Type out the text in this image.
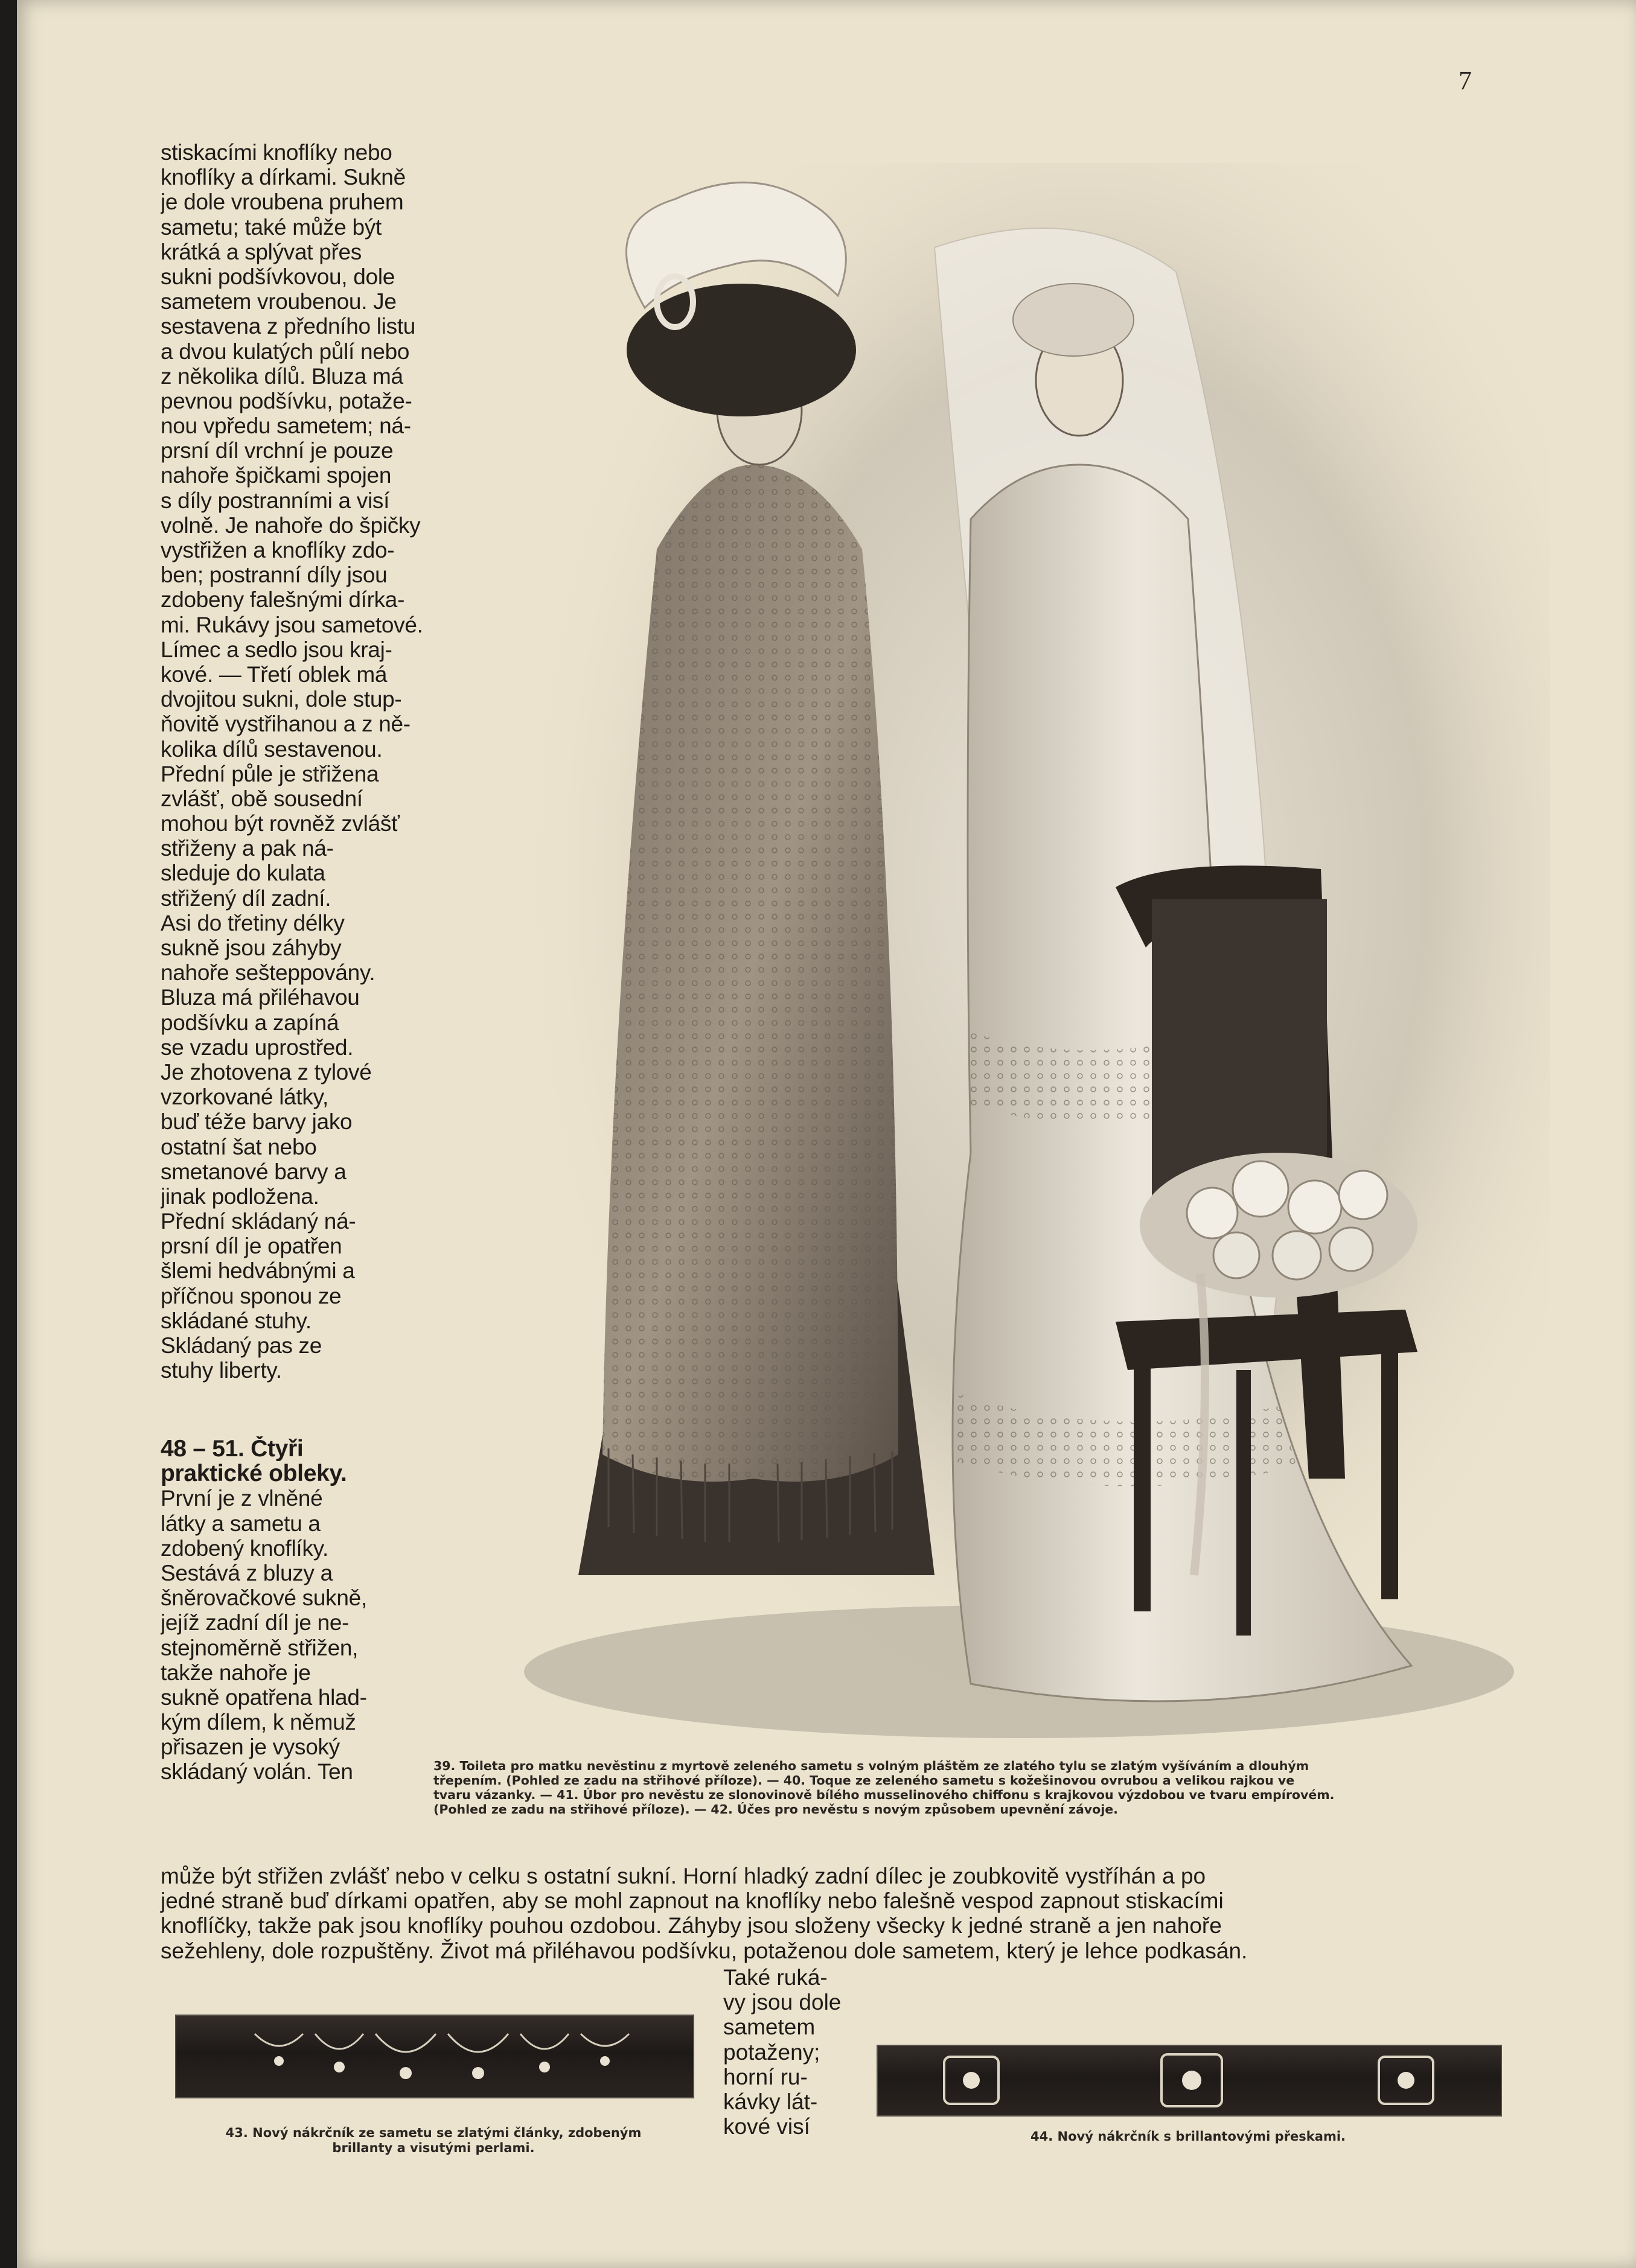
7
stiskacími knoflíky nebo
knoflíky a dírkami. Sukně
je dole vroubena pruhem
sametu; také může být
krátká a splývat přes
sukni podšívkovou, dole
sametem vroubenou. Je
sestavena z předního listu
a dvou kulatých půlí nebo
z několika dílů. Bluza má
pevnou podšívku, potaže-
nou vpředu sametem; ná-
prsní díl vrchní je pouze
nahoře špičkami spojen
s díly postranními a visí
volně. Je nahoře do špičky
vystřižen a knoflíky zdo-
ben; postranní díly jsou
zdobeny falešnými dírka-
mi. Rukávy jsou sametové.
Límec a sedlo jsou kraj-
kové. — Třetí oblek má
dvojitou sukni, dole stup-
ňovitě vystřihanou a z ně-
kolika dílů sestavenou.
Přední půle je střižena
zvlášť, obě sousední
mohou být rovněž zvlášť
střiženy a pak ná-
sleduje do kulata
střižený díl zadní.
Asi do třetiny délky
sukně jsou záhyby
nahoře sešteppovány.
Bluza má přiléhavou
podšívku a zapíná
se vzadu uprostřed.
Je zhotovena z tylové
vzorkované látky,
buď téže barvy jako
ostatní šat nebo
smetanové barvy a
jinak podložena.
Přední skládaný ná-
prsní díl je opatřen
šlemi hedvábnými a
příčnou sponou ze
skládané stuhy.
Skládaný pas ze
stuhy liberty.
39. Toileta pro matku nevěstinu z myrtově zeleného sametu s volným pláštěm ze zlatého tylu se zlatým vyšíváním a dlouhým
třepením. (Pohled ze zadu na střihové příloze). — 40. Toque ze zeleného sametu s kožešinovou ovrubou a velikou rajkou ve
tvaru vázanky. — 41. Úbor pro nevěstu ze slonovinově bílého musselinového chiffonu s krajkovou výzdobou ve tvaru empírovém.
(Pohled ze zadu na střihové příloze). — 42. Účes pro nevěstu s novým způsobem upevnění závoje.
48 – 51. Čtyři
praktické obleky.
První je z vlněné
látky a sametu a
zdobený knoflíky.
Sestává z bluzy a
šněrovačkové sukně,
jejíž zadní díl je ne-
stejnoměrně střižen,
takže nahoře je
sukně opatřena hlad-
kým dílem, k němuž
přisazen je vysoký
skládaný volán. Ten
může být střižen zvlášť nebo v celku s ostatní sukní. Horní hladký zadní dílec je zoubkovitě vystříhán a po
jedné straně buď dírkami opatřen, aby se mohl zapnout na knoflíky nebo falešně vespod zapnout stiskacími
knoflíčky, takže pak jsou knoflíky pouhou ozdobou. Záhyby jsou složeny všecky k jedné straně a jen nahoře
sežehleny, dole rozpuštěny. Život má přiléhavou podšívku, potaženou dole sametem, který je lehce podkasán.
Také ruká-
vy jsou dole
sametem
potaženy;
horní ru-
kávky lát-
kové visí
43. Nový nákrčník ze sametu se zlatými články, zdobeným
brillanty a visutými perlami.
44. Nový nákrčník s brillantovými přeskami.
